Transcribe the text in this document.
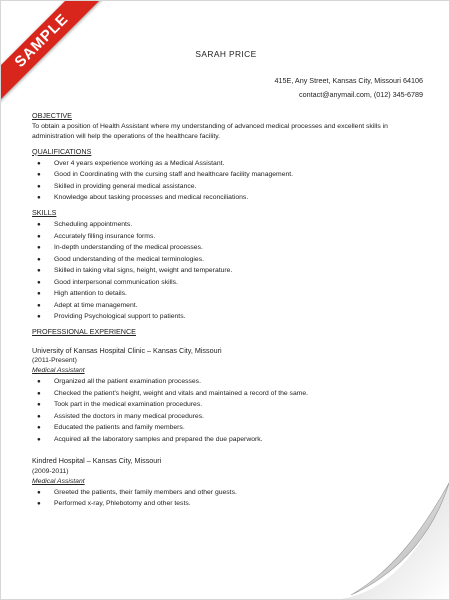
SAMPLE	SARAH PRICE
415E, Any Street, Kansas City, Missouri 64106
contact@anymail.com, (012) 345-6789
OBJECTIVE

To obtain a position of Health Assistant where my understanding of advanced medical processes and excellent skills in administration will help the operations of the healthcare facility.

QUALIFICATIONS
● Over 4 years experience working as a Medical Assistant.
● Good in Coordinating with the cursing staff and healthcare facility management.
● Skilled in providing general medical assistance.
● Knowledge about tasking processes and medical reconciliations.
SKILLS
● Scheduling appointments.
● Accurately filling insurance forms.
● In-depth understanding of the medical processes.
● Good understanding of the medical terminologies.
● Skilled in taking vital signs, height, weight and temperature.
● Good interpersonal communication skills.
● High attention to details.
● Adept at time management.
● Providing Psychological support to patients.
PROFESSIONAL EXPERIENCE
University of Kansas Hospital Clinic – Kansas City, Missouri
(2011-Present)
Medical Assistant
● Organized all the patient examination processes.
● Checked the patient's height, weight and vitals and maintained a record of the same.
● Took part in the medical examination procedures.
● Assisted the doctors in many medical procedures.
● Educated the patients and family members.
● Acquired all the laboratory samples and prepared the due paperwork.
Kindred Hospital – Kansas City, Missouri
(2009-2011)
Medical Assistant
● Greeted the patients, their family members and other guests.
● Performed x-ray, Phlebotomy and other tests.
